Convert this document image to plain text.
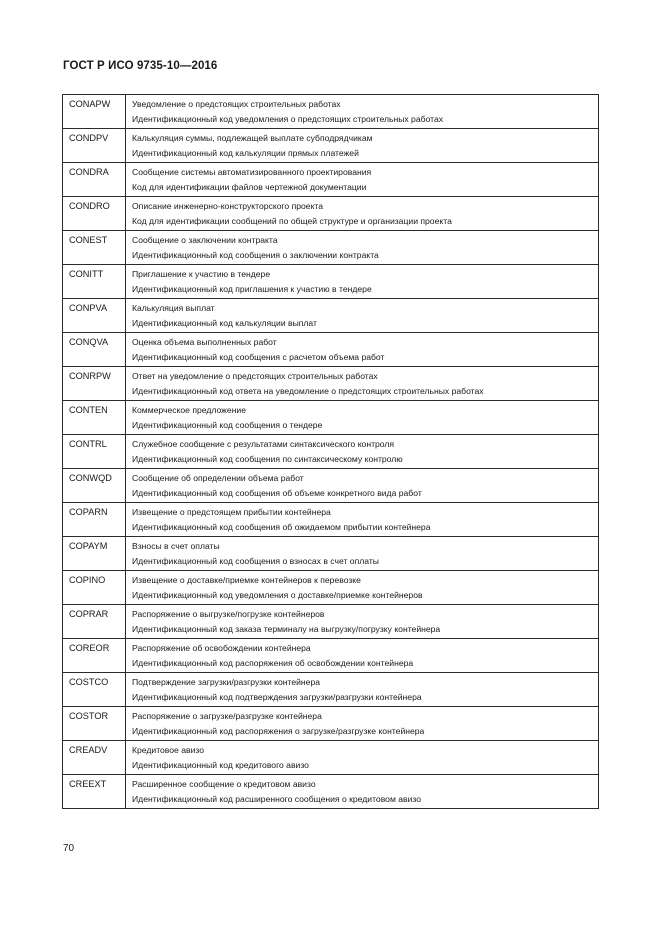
ГОСТ Р ИСО 9735-10—2016
CONAPW	Уведомление о предстоящих строительных работах
Идентификационный код уведомления о предстоящих строительных работах

CONDPV	Калькуляция суммы, подлежащей выплате субподрядчикам
Идентификационный код калькуляции прямых платежей

CONDRA	Сообщение системы автоматизированного проектирования
Код для идентификации файлов чертежной документации

CONDRO	Описание инженерно-конструкторского проекта
Код для идентификации сообщений по общей структуре и организации проекта

CONEST	Сообщение о заключении контракта
Идентификационный код сообщения о заключении контракта

CONITT	Приглашение к участию в тендере
Идентификационный код приглашения к участию в тендере

CONPVA	Калькуляция выплат
Идентификационный код калькуляции выплат

CONQVA	Оценка объема выполненных работ
Идентификационный код сообщения с расчетом объема работ

CONRPW	Ответ на уведомление о предстоящих строительных работах
Идентификационный код ответа на уведомление о предстоящих строительных работах

CONTEN	Коммерческое предложение
Идентификационный код сообщения о тендере

CONTRL	Служебное сообщение с результатами синтаксического контроля
Идентификационный код сообщения по синтаксическому контролю

CONWQD	Сообщение об определении объема работ
Идентификационный код сообщения об объеме конкретного вида работ

COPARN	Извещение о предстоящем прибытии контейнера
Идентификационный код сообщения об ожидаемом прибытии контейнера

COPAYM	Взносы в счет оплаты
Идентификационный код сообщения о взносах в счет оплаты

COPINO	Извещение о доставке/приемке контейнеров к перевозке
Идентификационный код уведомления о доставке/приемке контейнеров

COPRAR	Распоряжение о выгрузке/погрузке контейнеров
Идентификационный код заказа терминалу на выгрузку/погрузку контейнера

COREOR	Распоряжение об освобождении контейнера
Идентификационный код распоряжения об освобождении контейнера

COSTCO	Подтверждение загрузки/разгрузки контейнера
Идентификационный код подтверждения загрузки/разгрузки контейнера

COSTOR	Распоряжение о загрузке/разгрузке контейнера
Идентификационный код распоряжения о загрузке/разгрузке контейнера

CREADV	Кредитовое авизо
Идентификационный код кредитового авизо

CREEXT	Расширенное сообщение о кредитовом авизо
Идентификационный код расширенного сообщения о кредитовом авизо
70
